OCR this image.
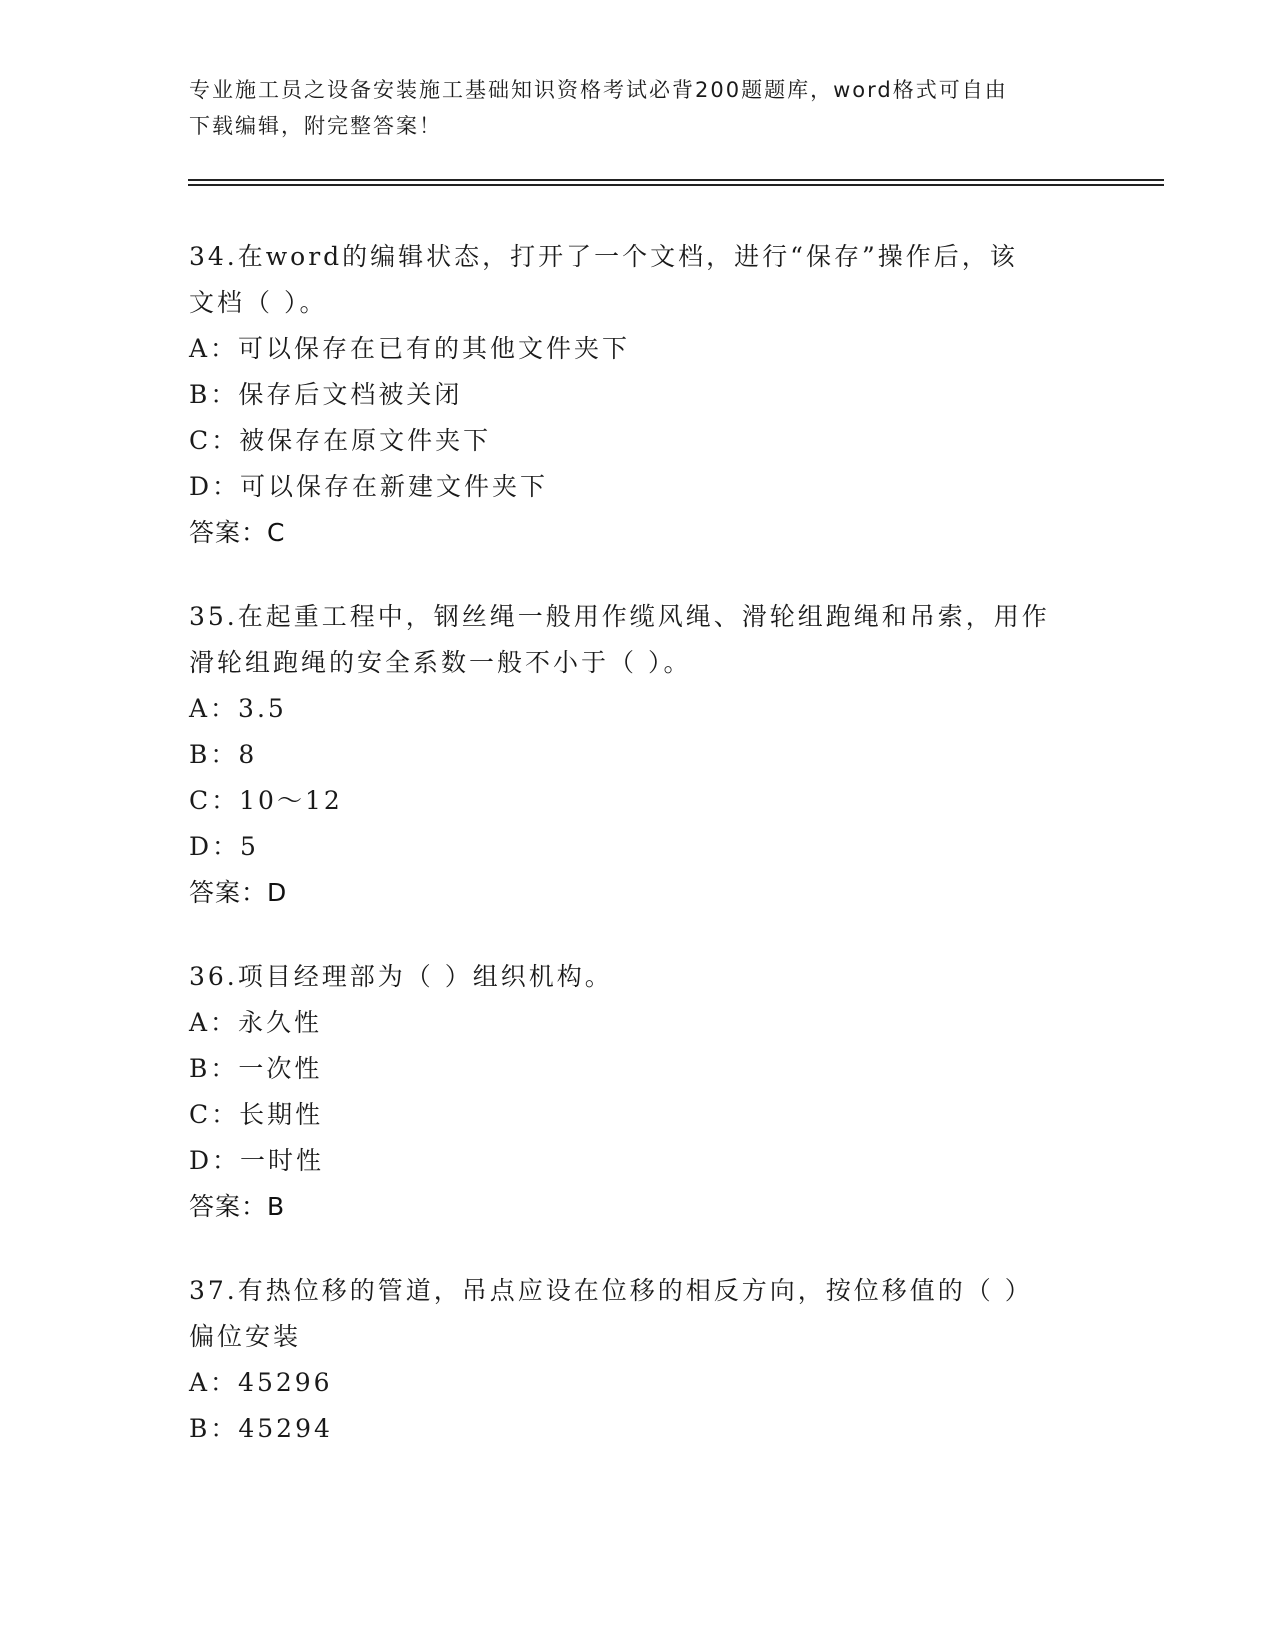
专业施工员之设备安装施工基础知识资格考试必背200题题库，word格式可自由
下载编辑，附完整答案！
34.在word的编辑状态，打开了一个文档，进行“保存”操作后，该
文档（ ）。
A：可以保存在已有的其他文件夹下
B：保存后文档被关闭
C：被保存在原文件夹下
D：可以保存在新建文件夹下
答案：C
35.在起重工程中，钢丝绳一般用作缆风绳、滑轮组跑绳和吊索，用作
滑轮组跑绳的安全系数一般不小于（ ）。
A：3.5
B：8
C：10～12
D：5
答案：D
36.项目经理部为（ ）组织机构。
A：永久性
B：一次性
C：长期性
D：一时性
答案：B
37.有热位移的管道，吊点应设在位移的相反方向，按位移值的（ ）
偏位安装
A：45296
B：45294
